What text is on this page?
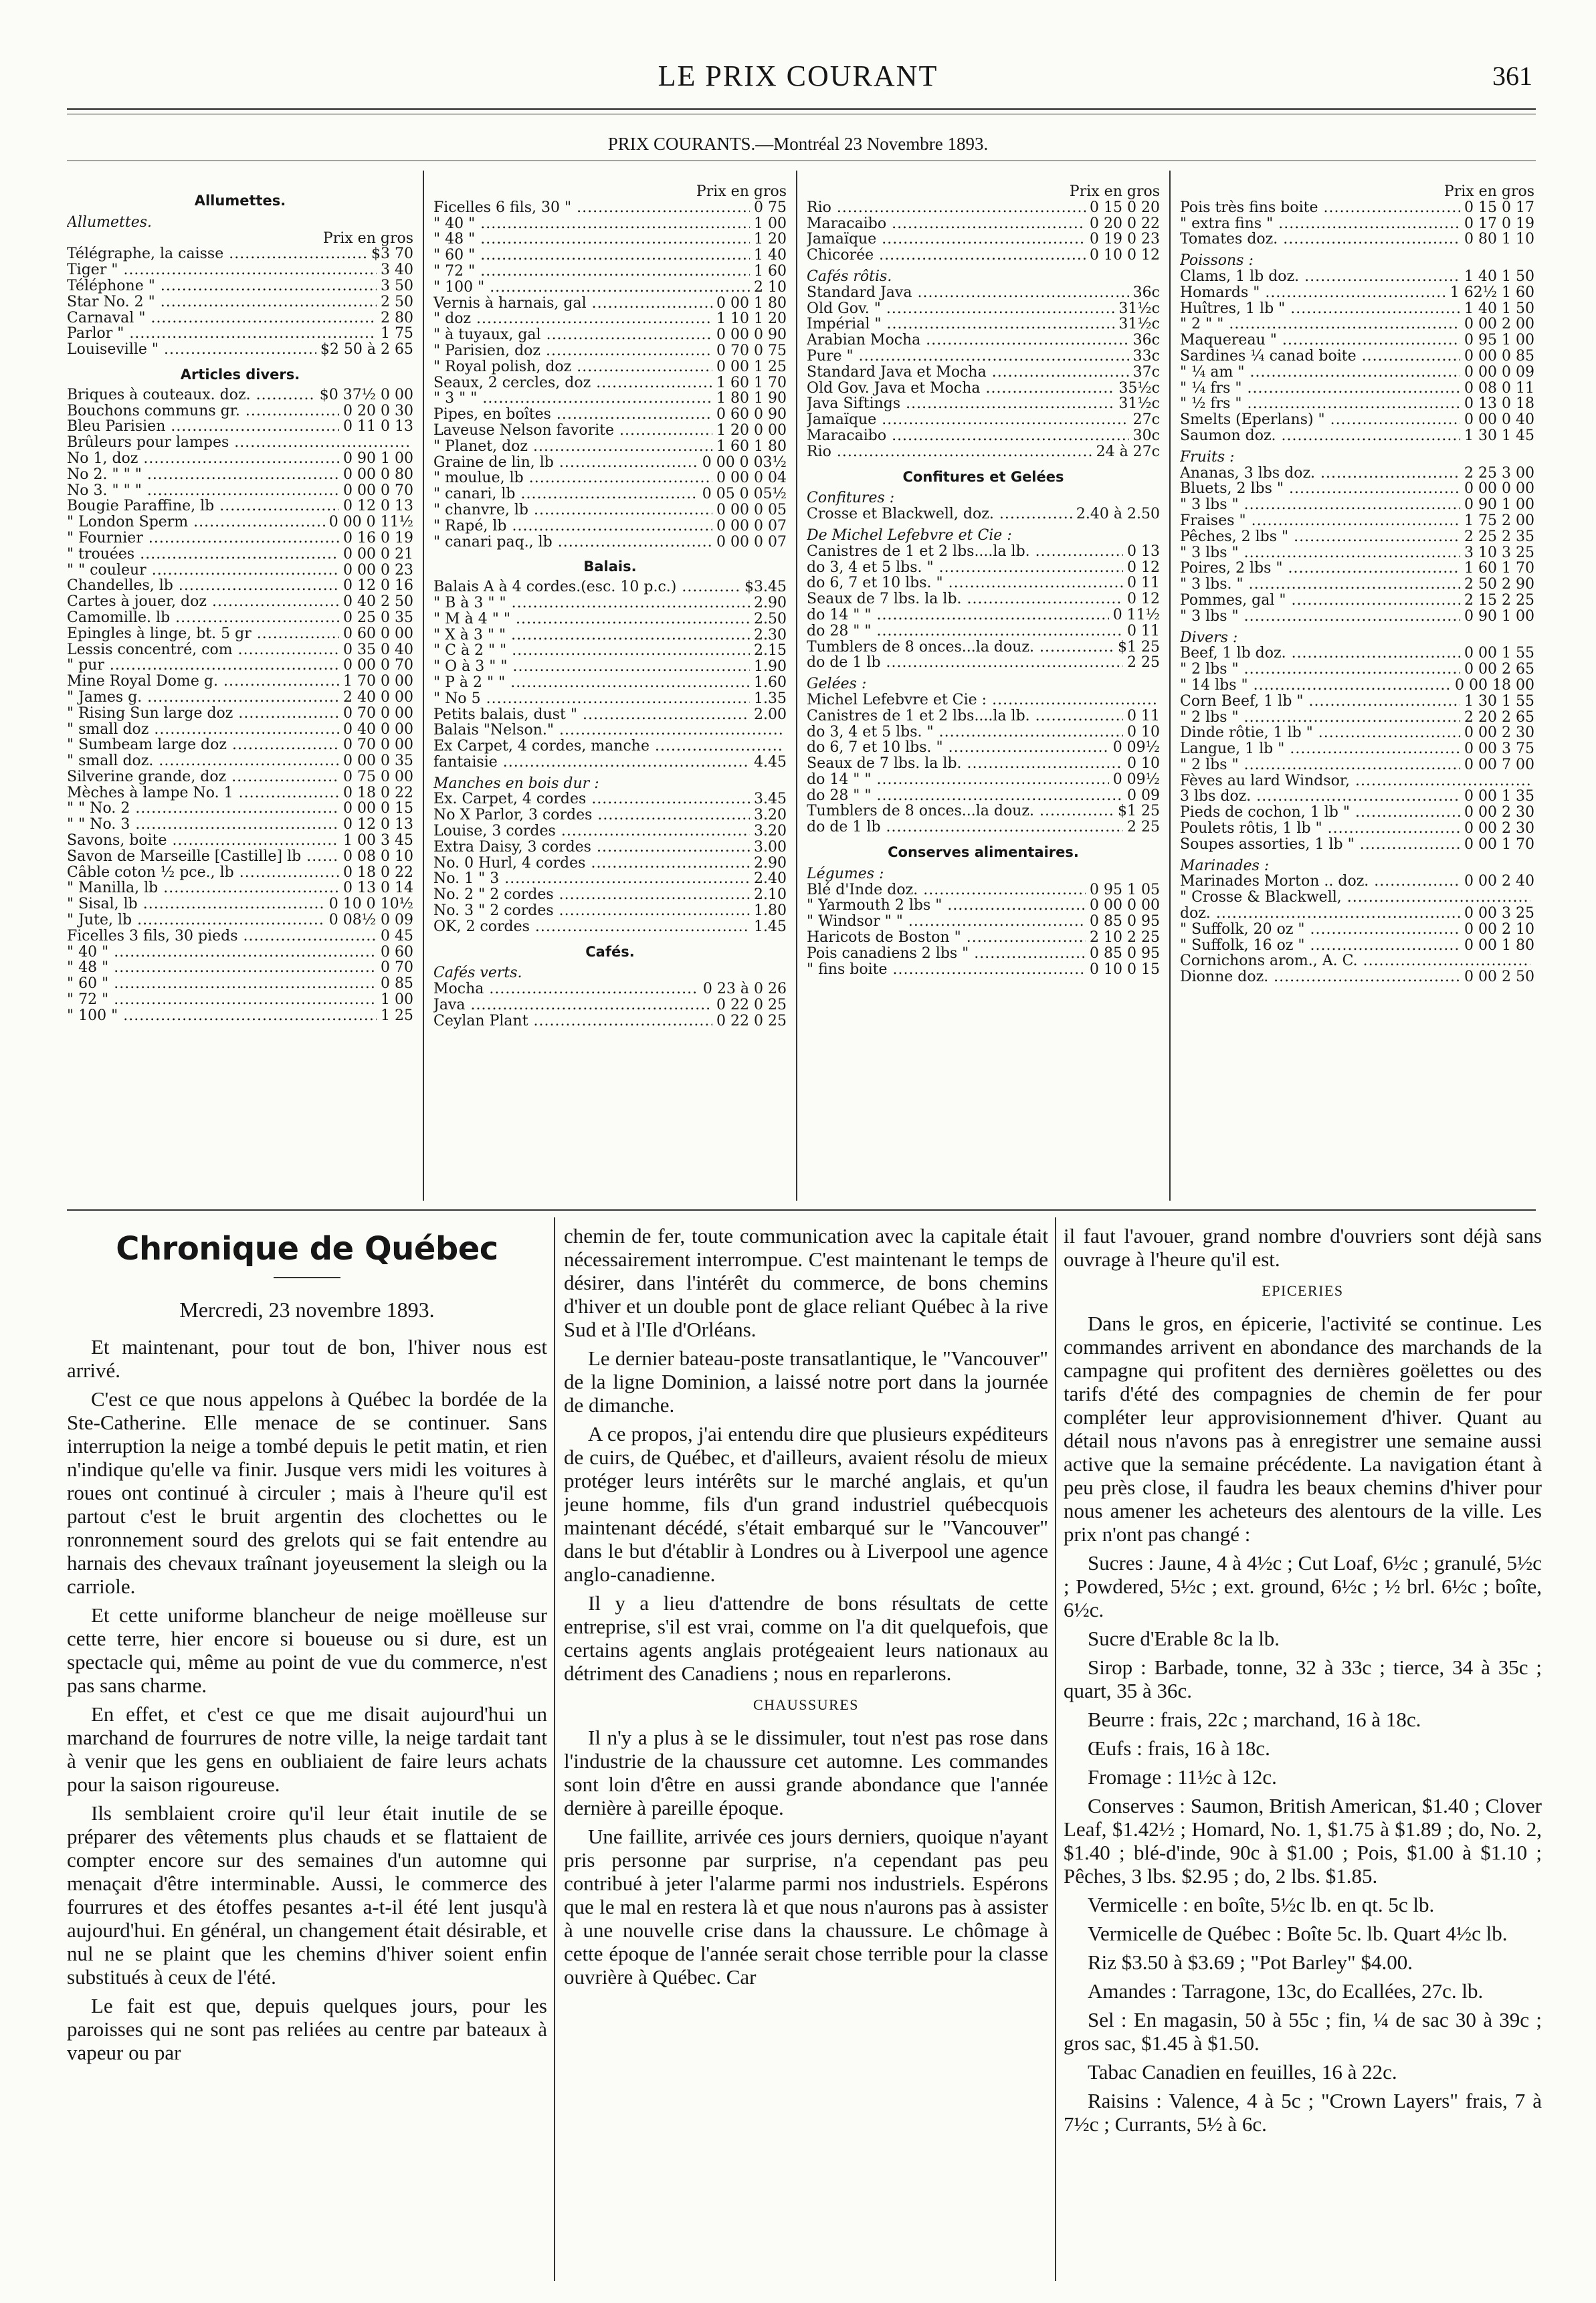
LE PRIX COURANT	361
PRIX COURANTS.—Montréal 23 Novembre 1893.
Allumettes.
Allumettes.
Prix en gros
Télégraphe, la caisse .....	$3 70
Tiger " .....	3 40
Téléphone " .....	3 50
Star No. 2 " .....	2 50
Carnaval " .....	2 80
Parlor " .....	1 75
Louiseville " .....	$2 50 à 2 65
Articles divers.
Briques à couteaux. doz. .....	$0 37½ 0 00
Bouchons communs gr. .....	0 20 0 30
Bleu Parisien .....	0 11 0 13
Brûleurs pour lampes .....
No 1, doz .....	0 90 1 00
No 2. " " " .....	0 00 0 80
No 3. " " " .....	0 00 0 70
Bougie Paraffine, lb .....	0 12 0 13
" London Sperm .....	0 00 0 11½
" Fournier .....	0 16 0 19
" trouées .....	0 00 0 21
" " couleur .....	0 00 0 23
Chandelles, lb .....	0 12 0 16
Cartes à jouer, doz .....	0 40 2 50
Camomille. lb .....	0 25 0 35
Epingles à linge, bt. 5 gr .....	0 60 0 00
Lessis concentré, com .....	0 35 0 40
" pur .....	0 00 0 70
Mine Royal Dome g. .....	1 70 0 00
" James g. .....	2 40 0 00
" Rising Sun large doz .....	0 70 0 00
" small doz .....	0 40 0 00
" Sumbeam large doz .....	0 70 0 00
" small doz. .....	0 00 0 35
Silverine grande, doz .....	0 75 0 00
Mèches à lampe No. 1 .....	0 18 0 22
" " No. 2 .....	0 00 0 15
" " No. 3 .....	0 12 0 13
Savons, boite .....	1 00 3 45
Savon de Marseille [Castille] lb .....	0 08 0 10
Câble coton ½ pce., lb .....	0 18 0 22
" Manilla, lb .....	0 13 0 14
" Sisal, lb .....	0 10 0 10½
" Jute, lb .....	0 08½ 0 09
Ficelles 3 fils, 30 pieds .....	0 45
" 40 " .....	0 60
" 48 " .....	0 70
" 60 " .....	0 85
" 72 " .....	1 00
" 100 " .....	1 25
Prix en gros
Ficelles 6 fils, 30 " .....	0 75
" 40 " .....	1 00
" 48 " .....	1 20
" 60 " .....	1 40
" 72 " .....	1 60
" 100 " .....	2 10
Vernis à harnais, gal .....	0 00 1 80
" doz .....	1 10 1 20
" à tuyaux, gal .....	0 00 0 90
" Parisien, doz .....	0 70 0 75
" Royal polish, doz .....	0 00 1 25
Seaux, 2 cercles, doz .....	1 60 1 70
" 3 " " .....	1 80 1 90
Pipes, en boîtes .....	0 60 0 90
Laveuse Nelson favorite .....	1 20 0 00
" Planet, doz .....	1 60 1 80
Graine de lin, lb .....	0 00 0 03½
" moulue, lb .....	0 00 0 04
" canari, lb .....	0 05 0 05½
" chanvre, lb .....	0 00 0 05
" Rapé, lb .....	0 00 0 07
" canari paq., lb .....	0 00 0 07
Balais.
Balais A à 4 cordes.(esc. 10 p.c.) .....	$3.45
" B à 3 " " .....	2.90
" M à 4 " " .....	2.50
" X à 3 " " .....	2.30
" C à 2 " " .....	2.15
" O à 3 " " .....	1.90
" P à 2 " " .....	1.60
" No 5 .....	1.35
Petits balais, dust " .....	2.00
Balais "Nelson." .....
Ex Carpet, 4 cordes, manche .....
fantaisie .....	4.45
Manches en bois dur :
Ex. Carpet, 4 cordes .....	3.45
No X Parlor, 3 cordes .....	3.20
Louise, 3 cordes .....	3.20
Extra Daisy, 3 cordes .....	3.00
No. 0 Hurl, 4 cordes .....	2.90
No. 1 " 3 .....	2.40
No. 2 " 2 cordes .....	2.10
No. 3 " 2 cordes .....	1.80
OK, 2 cordes .....	1.45
Cafés.
Cafés verts.
Mocha .....	0 23 à 0 26
Java .....	0 22 0 25
Ceylan Plant .....	0 22 0 25
Prix en gros
Rio .....	0 15 0 20
Maracaibo .....	0 20 0 22
Jamaïque .....	0 19 0 23
Chicorée .....	0 10 0 12
Cafés rôtis.
Standard Java .....	36c
Old Gov. " .....	31½c
Impérial " .....	31½c
Arabian Mocha .....	36c
Pure " .....	33c
Standard Java et Mocha .....	37c
Old Gov. Java et Mocha .....	35½c
Java Siftings .....	31½c
Jamaïque .....	27c
Maracaibo .....	30c
Rio .....	24 à 27c
Confitures et Gelées
Confitures :
Crosse et Blackwell, doz. .....	2.40 à 2.50
De Michel Lefebvre et Cie :
Canistres de 1 et 2 lbs....la lb. .....	0 13
do 3, 4 et 5 lbs. " .....	0 12
do 6, 7 et 10 lbs. " .....	0 11
Seaux de 7 lbs. la lb. .....	0 12
do 14 " " .....	0 11½
do 28 " " .....	0 11
Tumblers de 8 onces...la douz. .....	$1 25
do de 1 lb .....	2 25
Gelées :
Michel Lefebvre et Cie : .....
Canistres de 1 et 2 lbs....la lb. .....	0 11
do 3, 4 et 5 lbs. " .....	0 10
do 6, 7 et 10 lbs. " .....	0 09½
Seaux de 7 lbs. la lb. .....	0 10
do 14 " " .....	0 09½
do 28 " " .....	0 09
Tumblers de 8 onces...la douz. .....	$1 25
do de 1 lb .....	2 25
Conserves alimentaires.
Légumes :
Blé d'Inde doz. .....	0 95 1 05
" Yarmouth 2 lbs " .....	0 00 0 00
" Windsor " " .....	0 85 0 95
Haricots de Boston " .....	2 10 2 25
Pois canadiens 2 lbs " .....	0 85 0 95
" fins boite .....	0 10 0 15
Prix en gros
Pois très fins boite .....	0 15 0 17
" extra fins " .....	0 17 0 19
Tomates doz. .....	0 80 1 10
Poissons :
Clams, 1 lb doz. .....	1 40 1 50
Homards " .....	1 62½ 1 60
Huîtres, 1 lb " .....	1 40 1 50
" 2 " " .....	0 00 2 00
Maquereau " .....	0 95 1 00
Sardines ¼ canad boite .....	0 00 0 85
" ¼ am " .....	0 00 0 09
" ¼ frs " .....	0 08 0 11
" ½ frs " .....	0 13 0 18
Smelts (Eperlans) " .....	0 00 0 40
Saumon doz. .....	1 30 1 45
Fruits :
Ananas, 3 lbs doz. .....	2 25 3 00
Bluets, 2 lbs " .....	0 00 0 00
" 3 lbs " .....	0 90 1 00
Fraises " .....	1 75 2 00
Pêches, 2 lbs " .....	2 25 2 35
" 3 lbs " .....	3 10 3 25
Poires, 2 lbs " .....	1 60 1 70
" 3 lbs. " .....	2 50 2 90
Pommes, gal " .....	2 15 2 25
" 3 lbs " .....	0 90 1 00
Divers :
Beef, 1 lb doz. .....	0 00 1 55
" 2 lbs " .....	0 00 2 65
" 14 lbs " .....	0 00 18 00
Corn Beef, 1 lb " .....	1 30 1 55
" 2 lbs " .....	2 20 2 65
Dinde rôtie, 1 lb " .....	0 00 2 30
Langue, 1 lb " .....	0 00 3 75
" 2 lbs " .....	0 00 7 00
Fèves au lard Windsor, .....
3 lbs doz. .....	0 00 1 35
Pieds de cochon, 1 lb " .....	0 00 2 30
Poulets rôtis, 1 lb " .....	0 00 2 30
Soupes assorties, 1 lb " .....	0 00 1 70
Marinades :
Marinades Morton .. doz. .....	0 00 2 40
" Crosse & Blackwell, .....
doz. .....	0 00 3 25
" Suffolk, 20 oz " .....	0 00 2 10
" Suffolk, 16 oz " .....	0 00 1 80
Cornichons arom., A. C. .....
Dionne doz. .....	0 00 2 50
Chronique de Québec
Mercredi, 23 novembre 1893.

Et maintenant, pour tout de bon, l'hiver nous est arrivé.

C'est ce que nous appelons à Québec la bordée de la Ste-Catherine. Elle menace de se continuer. Sans interruption la neige a tombé depuis le petit matin, et rien n'indique qu'elle va finir. Jusque vers midi les voitures à roues ont continué à circuler ; mais à l'heure qu'il est partout c'est le bruit argentin des clochettes ou le ronronnement sourd des grelots qui se fait entendre au harnais des chevaux traînant joyeusement la sleigh ou la carriole.

Et cette uniforme blancheur de neige moëlleuse sur cette terre, hier encore si boueuse ou si dure, est un spectacle qui, même au point de vue du commerce, n'est pas sans charme.

En effet, et c'est ce que me disait aujourd'hui un marchand de fourrures de notre ville, la neige tardait tant à venir que les gens en oubliaient de faire leurs achats pour la saison rigoureuse.

Ils semblaient croire qu'il leur était inutile de se préparer des vêtements plus chauds et se flattaient de compter encore sur des semaines d'un automne qui menaçait d'être interminable. Aussi, le commerce des fourrures et des étoffes pesantes a-t-il été lent jusqu'à aujourd'hui. En général, un changement était désirable, et nul ne se plaint que les chemins d'hiver soient enfin substitués à ceux de l'été.

Le fait est que, depuis quelques jours, pour les paroisses qui ne sont pas reliées au centre par bateaux à vapeur ou par

chemin de fer, toute communication avec la capitale était nécessairement interrompue. C'est maintenant le temps de désirer, dans l'intérêt du commerce, de bons chemins d'hiver et un double pont de glace reliant Québec à la rive Sud et à l'Ile d'Orléans.

Le dernier bateau-poste transatlantique, le "Vancouver" de la ligne Dominion, a laissé notre port dans la journée de dimanche.

A ce propos, j'ai entendu dire que plusieurs expéditeurs de cuirs, de Québec, et d'ailleurs, avaient résolu de mieux protéger leurs intérêts sur le marché anglais, et qu'un jeune homme, fils d'un grand industriel québecquois maintenant décédé, s'était embarqué sur le "Vancouver" dans le but d'établir à Londres ou à Liverpool une agence anglo-canadienne.

Il y a lieu d'attendre de bons résultats de cette entreprise, s'il est vrai, comme on l'a dit quelquefois, que certains agents anglais protégeaient leurs nationaux au détriment des Canadiens ; nous en reparlerons.

CHAUSSURES

Il n'y a plus à se le dissimuler, tout n'est pas rose dans l'industrie de la chaussure cet automne. Les commandes sont loin d'être en aussi grande abondance que l'année dernière à pareille époque.

Une faillite, arrivée ces jours derniers, quoique n'ayant pris personne par surprise, n'a cependant pas peu contribué à jeter l'alarme parmi nos industriels. Espérons que le mal en restera là et que nous n'aurons pas à assister à une nouvelle crise dans la chaussure. Le chômage à cette époque de l'année serait chose terrible pour la classe ouvrière à Québec. Car

il faut l'avouer, grand nombre d'ouvriers sont déjà sans ouvrage à l'heure qu'il est.

EPICERIES

Dans le gros, en épicerie, l'activité se continue. Les commandes arrivent en abondance des marchands de la campagne qui profitent des dernières goëlettes ou des tarifs d'été des compagnies de chemin de fer pour compléter leur approvisionnement d'hiver. Quant au détail nous n'avons pas à enregistrer une semaine aussi active que la semaine précédente. La navigation étant à peu près close, il faudra les beaux chemins d'hiver pour nous amener les acheteurs des alentours de la ville. Les prix n'ont pas changé :

Sucres : Jaune, 4 à 4½c ; Cut Loaf, 6½c ; granulé, 5½c ; Powdered, 5½c ; ext. ground, 6½c ; ½ brl. 6½c ; boîte, 6½c.

Sucre d'Erable 8c la lb.

Sirop : Barbade, tonne, 32 à 33c ; tierce, 34 à 35c ; quart, 35 à 36c.

Beurre : frais, 22c ; marchand, 16 à 18c.

Œufs : frais, 16 à 18c.

Fromage : 11½c à 12c.

Conserves : Saumon, British American, $1.40 ; Clover Leaf, $1.42½ ; Homard, No. 1, $1.75 à $1.89 ; do, No. 2, $1.40 ; blé-d'inde, 90c à $1.00 ; Pois, $1.00 à $1.10 ; Pêches, 3 lbs. $2.95 ; do, 2 lbs. $1.85.

Vermicelle : en boîte, 5½c lb. en qt. 5c lb.

Vermicelle de Québec : Boîte 5c. lb. Quart 4½c lb.

Riz $3.50 à $3.69 ; "Pot Barley" $4.00.

Amandes : Tarragone, 13c, do Ecallées, 27c. lb.

Sel : En magasin, 50 à 55c ; fin, ¼ de sac 30 à 39c ; gros sac, $1.45 à $1.50.

Tabac Canadien en feuilles, 16 à 22c.

Raisins : Valence, 4 à 5c ; "Crown Layers" frais, 7 à 7½c ; Currants, 5½ à 6c.
